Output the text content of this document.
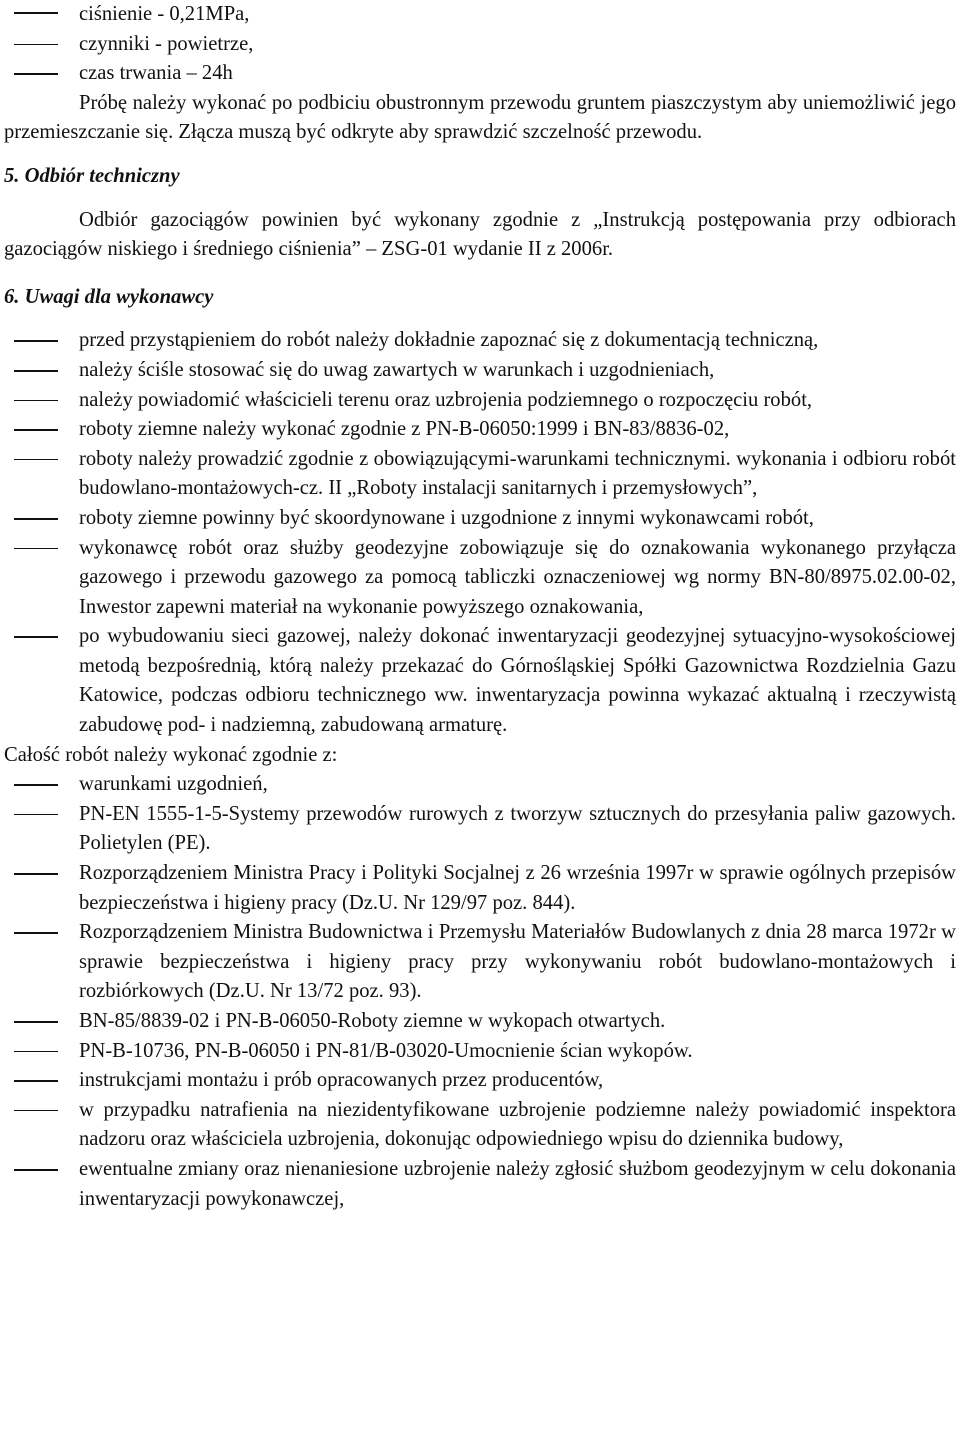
ciśnienie - 0,21MPa,
czynniki - powietrze,
czas trwania – 24h
Próbę należy wykonać po podbiciu obustronnym przewodu gruntem piaszczystym aby uniemożliwić jego przemieszczanie się. Złącza muszą być odkryte aby sprawdzić szczelność przewodu.
5. Odbiór techniczny
Odbiór gazociągów powinien być wykonany zgodnie z „Instrukcją postępowania przy odbiorach gazociągów niskiego i średniego ciśnienia” – ZSG-01 wydanie II z 2006r.
6. Uwagi dla wykonawcy
przed przystąpieniem do robót należy dokładnie zapoznać się z dokumentacją techniczną,
należy ściśle stosować się do uwag zawartych w warunkach i uzgodnieniach,
należy powiadomić właścicieli terenu oraz uzbrojenia podziemnego o rozpoczęciu robót,
roboty ziemne należy wykonać zgodnie z PN-B-06050:1999 i BN-83/8836-02,
roboty należy prowadzić zgodnie z obowiązującymi-warunkami technicznymi. wykonania i odbioru robót budowlano-montażowych-cz. II „Roboty instalacji sanitarnych i przemysłowych”,
roboty ziemne powinny być skoordynowane i uzgodnione z innymi wykonawcami robót,
wykonawcę robót oraz służby geodezyjne zobowiązuje się do oznakowania wykonanego przyłącza gazowego i przewodu gazowego za pomocą tabliczki oznaczeniowej wg normy BN-80/8975.02.00-02, Inwestor zapewni materiał na wykonanie powyższego oznakowania,
po wybudowaniu sieci gazowej, należy dokonać inwentaryzacji geodezyjnej sytuacyjno-wysokościowej metodą bezpośrednią, którą należy przekazać do Górnośląskiej Spółki Gazownictwa Rozdzielnia Gazu Katowice, podczas odbioru technicznego ww. inwentaryzacja powinna wykazać aktualną i rzeczywistą zabudowę pod- i nadziemną, zabudowaną armaturę.
Całość robót należy wykonać zgodnie z:
warunkami uzgodnień,
PN-EN 1555-1-5-Systemy przewodów rurowych z tworzyw sztucznych do przesyłania paliw gazowych. Polietylen (PE).
Rozporządzeniem Ministra Pracy i Polityki Socjalnej z 26 września 1997r w sprawie ogólnych przepisów bezpieczeństwa i higieny pracy (Dz.U. Nr 129/97 poz. 844).
Rozporządzeniem Ministra Budownictwa i Przemysłu Materiałów Budowlanych z dnia 28 marca 1972r w sprawie bezpieczeństwa i higieny pracy przy wykonywaniu robót budowlano-montażowych i rozbiórkowych (Dz.U. Nr 13/72 poz. 93).
BN-85/8839-02 i PN-B-06050-Roboty ziemne w wykopach otwartych.
PN-B-10736, PN-B-06050 i PN-81/B-03020-Umocnienie ścian wykopów.
instrukcjami montażu i prób opracowanych przez producentów,
w przypadku natrafienia na niezidentyfikowane uzbrojenie podziemne należy powiadomić inspektora nadzoru oraz właściciela uzbrojenia, dokonując odpowiedniego wpisu do dziennika budowy,
ewentualne zmiany oraz nienaniesione uzbrojenie należy zgłosić służbom geodezyjnym w celu dokonania inwentaryzacji powykonawczej,
